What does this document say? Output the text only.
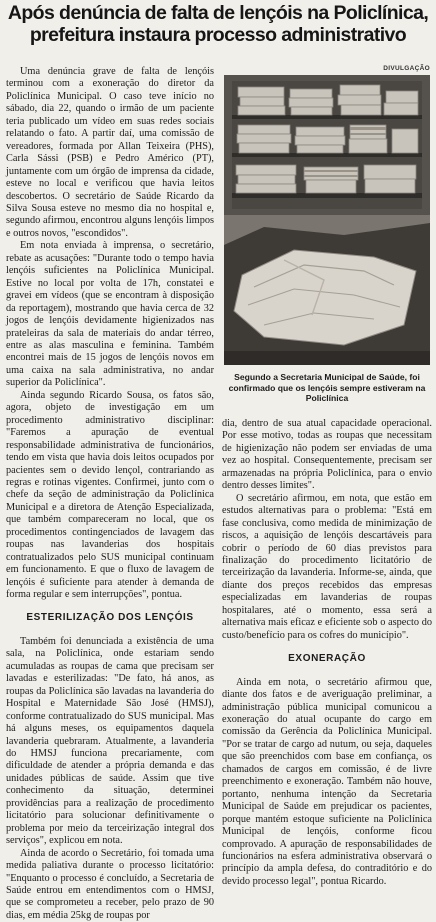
Após denúncia de falta de lençóis na Policlínica,
prefeitura instaura processo administrativo

Uma denúncia grave de falta de lençóis terminou com a exoneração do diretor da Policlínica Municipal. O caso teve início no sábado, dia 22, quando o irmão de um paciente teria publicado um vídeo em suas redes sociais relatando o fato. A partir daí, uma comissão de vereadores, formada por Allan Teixeira (PHS), Carla Sássi (PSB) e Pedro Américo (PT), juntamente com um órgão de imprensa da cidade, esteve no local e verificou que havia leitos descobertos. O secretário de Saúde Ricardo da Silva Sousa esteve no mesmo dia no hospital e, segundo afirmou, encontrou alguns lençóis limpos e outros novos, "escondidos".

Em nota enviada à imprensa, o secretário, rebate as acusações: "Durante todo o tempo havia lençóis suficientes na Policlínica Municipal. Estive no local por volta de 17h, constatei e gravei em vídeos (que se encontram à disposição da reportagem), mostrando que havia cerca de 32 jogos de lençóis devidamente higienizados nas prateleiras da sala de materiais do andar térreo, entre as alas masculina e feminina. Também encontrei mais de 15 jogos de lençóis novos em uma caixa na sala administrativa, no andar superior da Policlínica".

Ainda segundo Ricardo Sousa, os fatos são, agora, objeto de investigação em um procedimento administrativo disciplinar: "Faremos a apuração de eventual responsabilidade administrativa de funcionários, tendo em vista que havia dois leitos ocupados por pacientes sem o devido lençol, contrariando as regras e rotinas vigentes. Confirmei, junto com o chefe da seção de administração da Policlínica Municipal e a diretora de Atenção Especializada, que também compareceram no local, que os procedimentos contingenciados de lavagem das roupas nas lavanderias dos hospitais contratualizados pelo SUS municipal continuam em funcionamento. E que o fluxo de lavagem de lençóis é suficiente para atender à demanda de forma regular e sem interrupções", pontua.

ESTERILIZAÇÃO DOS LENÇÓIS

Também foi denunciada a existência de uma sala, na Policlínica, onde estariam sendo acumuladas as roupas de cama que precisam ser lavadas e esterilizadas: "De fato, há anos, as roupas da Policlínica são lavadas na lavanderia do Hospital e Maternidade São José (HMSJ), conforme contratualizado do SUS municipal. Mas há alguns meses, os equipamentos daquela lavanderia quebraram. Atualmente, a lavanderia do HMSJ funciona precariamente, com dificuldade de atender a própria demanda e das unidades públicas de saúde. Assim que tive conhecimento da situação, determinei providências para a realização de procedimento licitatório para solucionar definitivamente o problema por meio da terceirização integral dos serviços", explicou em nota.

Ainda de acordo o Secretário, foi tomada uma medida paliativa durante o processo licitatório: "Enquanto o processo é concluído, a Secretaria de Saúde entrou em entendimentos com o HMSJ, que se comprometeu a receber, pelo prazo de 90 dias, em média 25kg de roupas por

DIVULGAÇÃO
Segundo a Secretaria Municipal de Saúde, foi confirmado que os lençóis sempre estiveram na Policlínica

dia, dentro de sua atual capacidade operacional. Por esse motivo, todas as roupas que necessitam de higienização não podem ser enviadas de uma vez ao hospital. Consequentemente, precisam ser armazenadas na própria Policlínica, para o envio dentro desses limites".

O secretário afirmou, em nota, que estão em estudos alternativas para o problema: "Está em fase conclusiva, como medida de minimização de riscos, a aquisição de lençóis descartáveis para cobrir o período de 60 dias previstos para finalização do procedimento licitatório de terceirização da lavanderia. Informe-se, ainda, que diante dos preços recebidos das empresas especializadas em lavanderias de roupas hospitalares, até o momento, essa será a alternativa mais eficaz e eficiente sob o aspecto do custo/benefício para os cofres do município".

EXONERAÇÃO

Ainda em nota, o secretário afirmou que, diante dos fatos e de averiguação preliminar, a administração pública municipal comunicou a exoneração do atual ocupante do cargo em comissão da Gerência da Policlínica Municipal. "Por se tratar de cargo ad nutum, ou seja, daqueles que são preenchidos com base em confiança, os chamados de cargos em comissão, é de livre preenchimento e exoneração. Também não houve, portanto, nenhuma intenção da Secretaria Municipal de Saúde em prejudicar os pacientes, porque mantém estoque suficiente na Policlínica Municipal de lençóis, conforme ficou comprovado. A apuração de responsabilidades de funcionários na esfera administrativa observará o princípio da ampla defesa, do contraditório e do devido processo legal", pontua Ricardo.
